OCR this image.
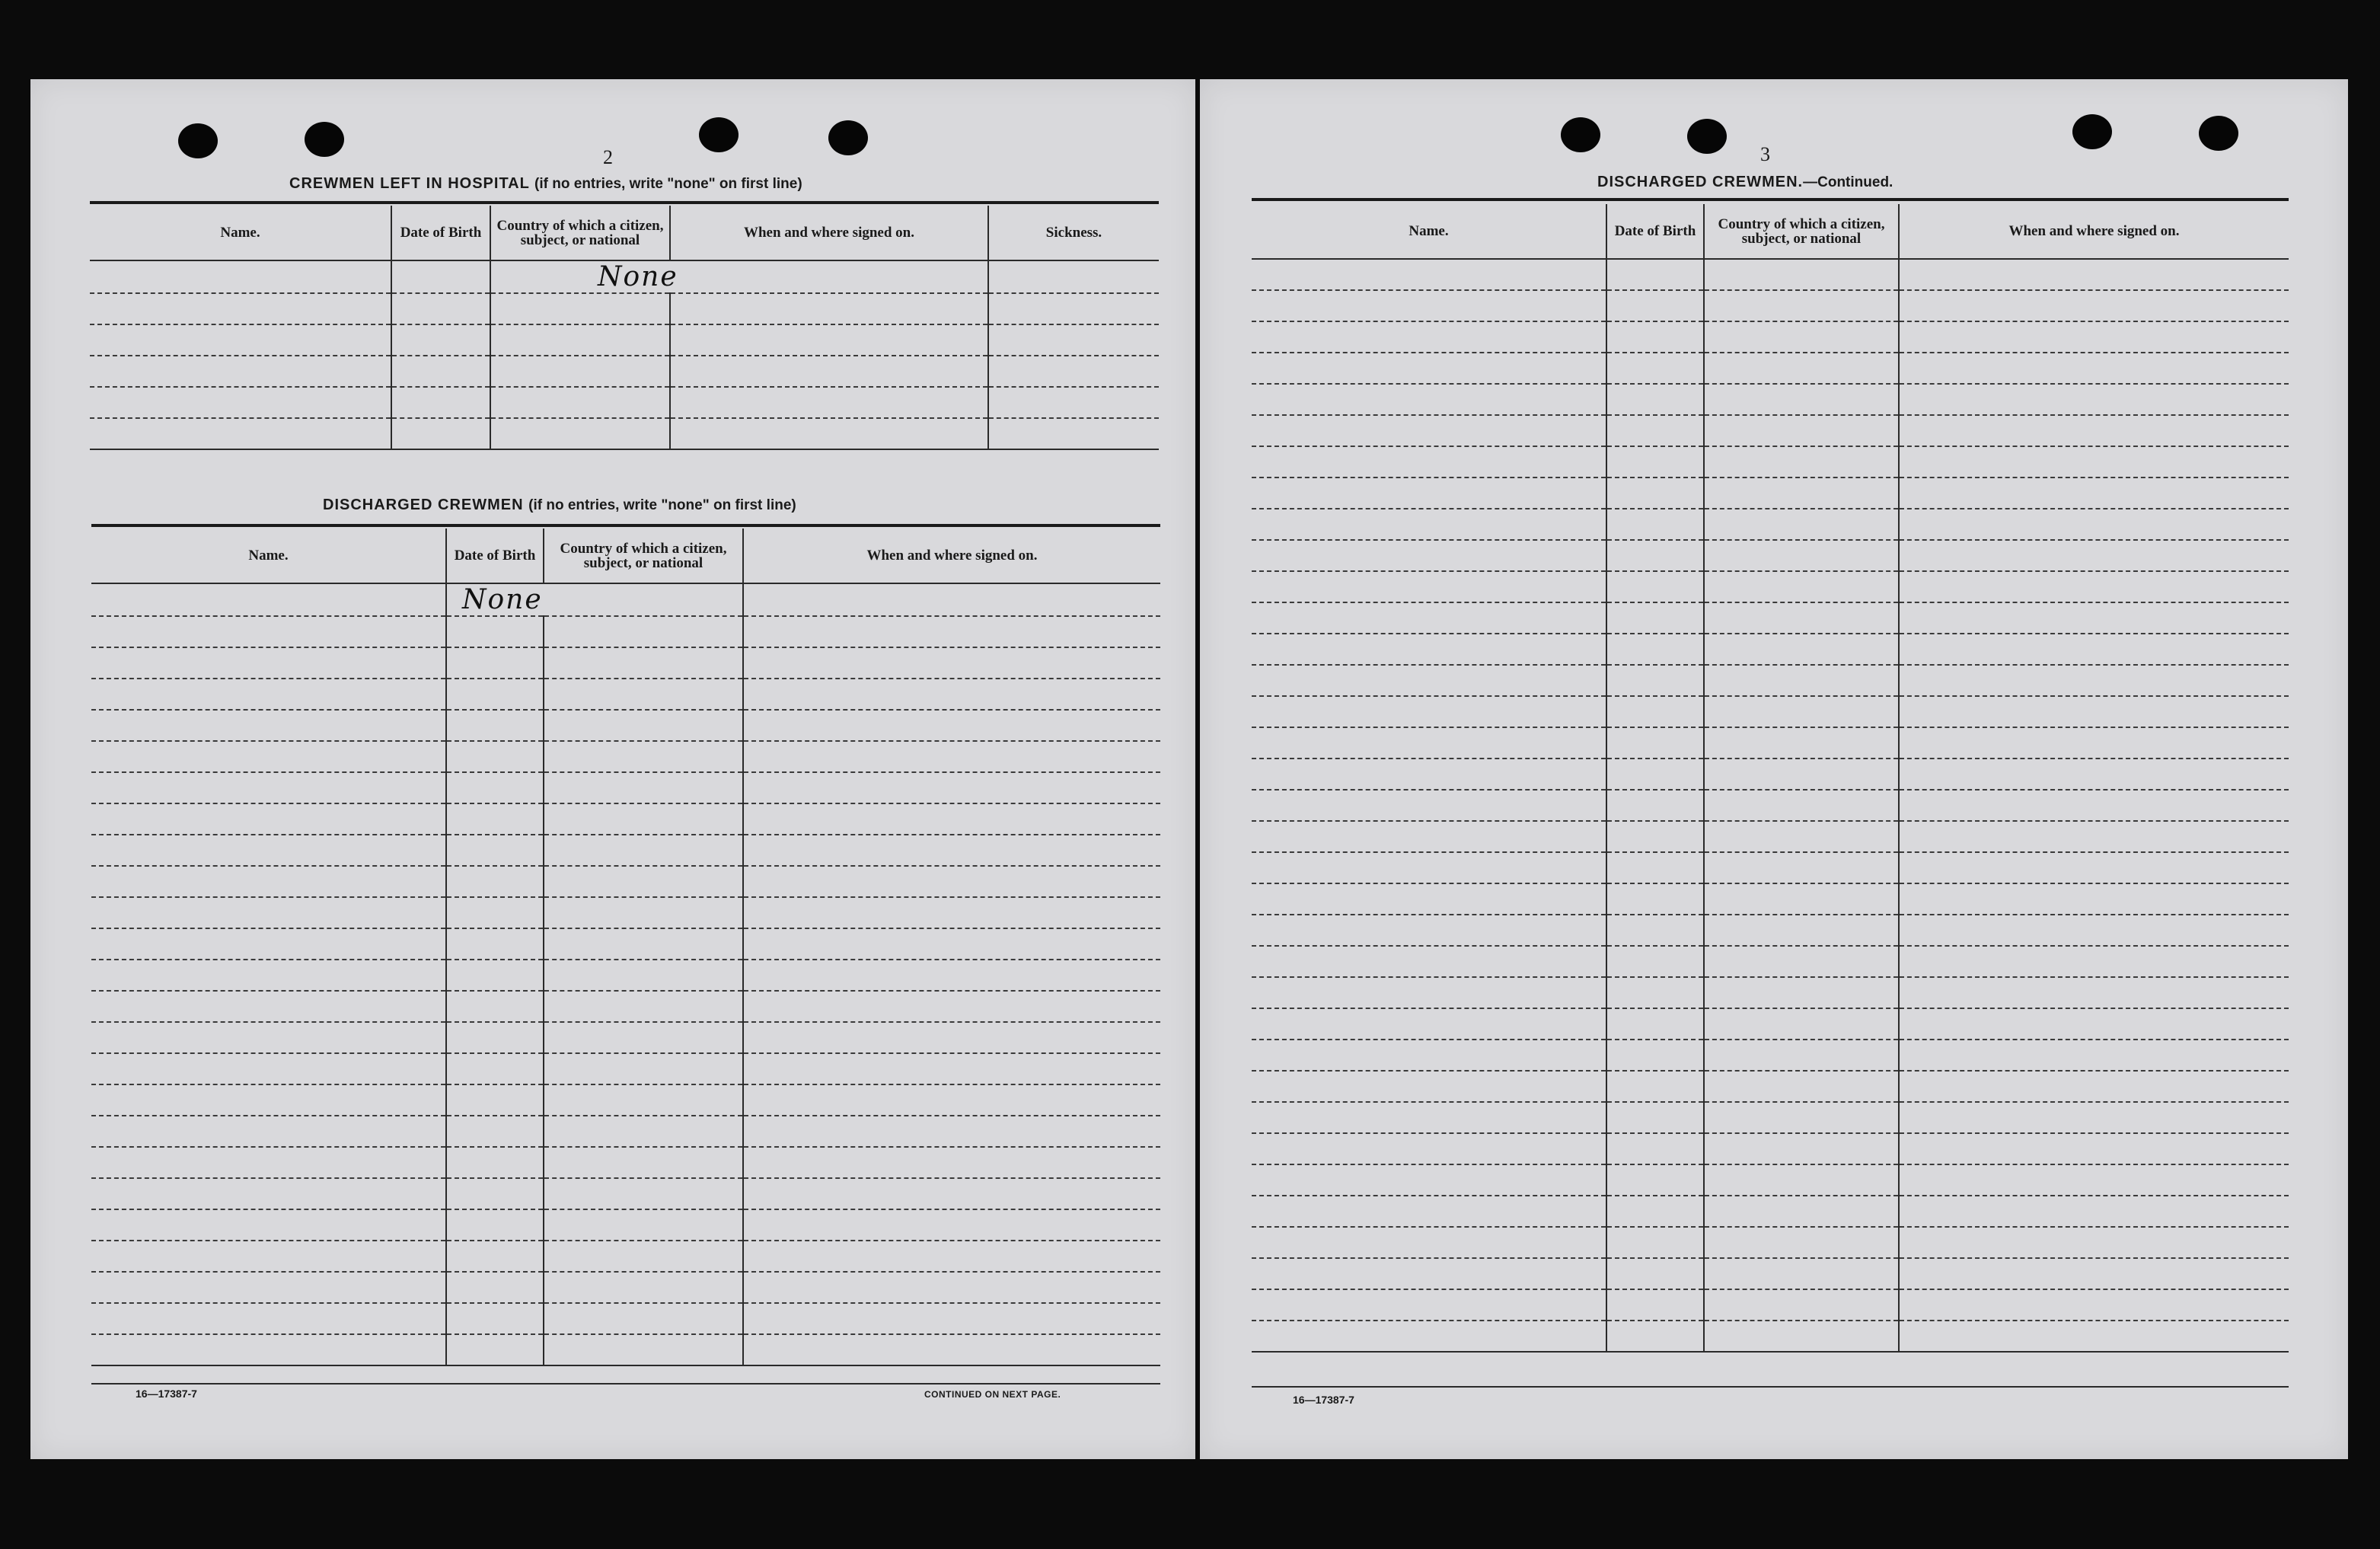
2
CREWMEN LEFT IN HOSPITAL (if no entries, write "none" on first line)
Name.	Date of Birth	Country of which a citizen, subject, or national	When and where signed on.	Sickness.
		None		

DISCHARGED CREWMEN (if no entries, write "none" on first line)
Name.	Date of Birth	Country of which a citizen, subject, or national	When and where signed on.
	None		

16—17387-7	CONTINUED ON NEXT PAGE.
3
DISCHARGED CREWMEN.—Continued.
Name.	Date of Birth	Country of which a citizen, subject, or national	When and where signed on.

16—17387-7
